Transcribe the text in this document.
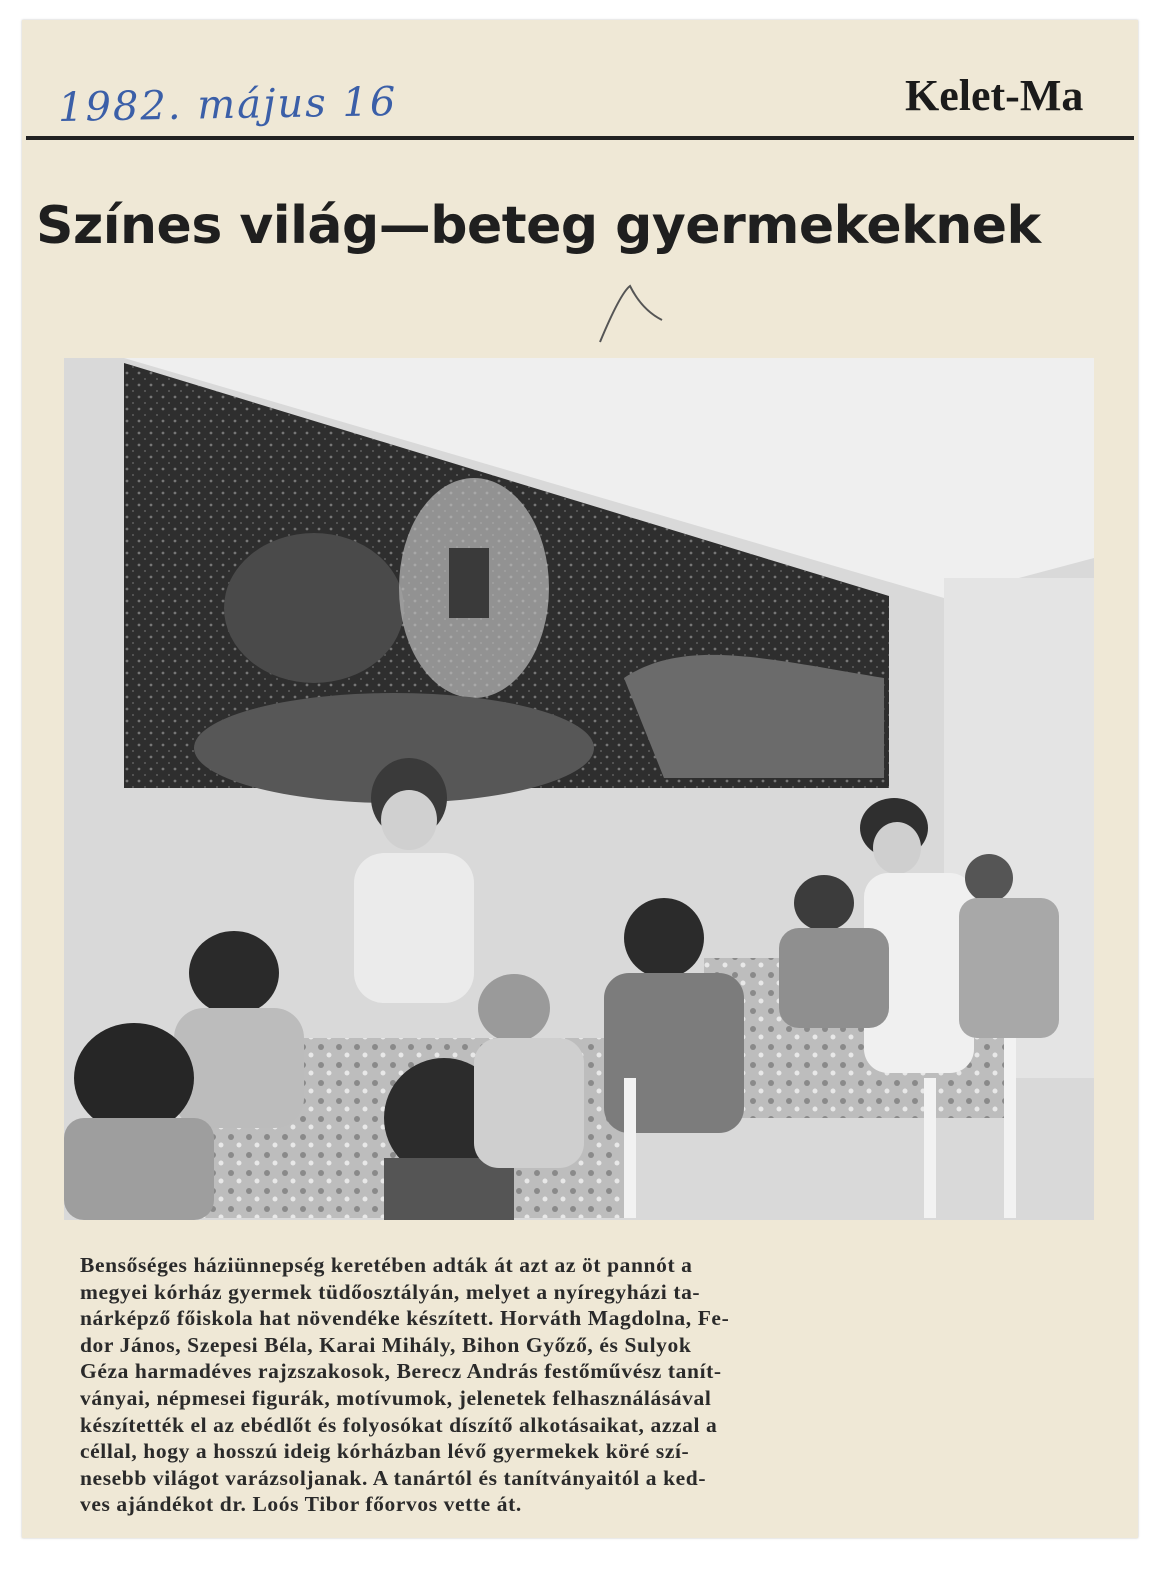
1982. május 16	Kelet-Ma
Színes világ—beteg gyermekeknek
Bensőséges háziünnepség keretében adták át azt az öt pannót a
megyei kórház gyermek tüdőosztályán, melyet a nyíregyházi ta-
nárképző főiskola hat növendéke készített. Horváth Magdolna, Fe-
dor János, Szepesi Béla, Karai Mihály, Bihon Győző, és Sulyok
Géza harmadéves rajzszakosok, Berecz András festőművész tanít-
ványai, népmesei figurák, motívumok, jelenetek felhasználásával
készítették el az ebédlőt és folyosókat díszítő alkotásaikat, azzal a
céllal, hogy a hosszú ideig kórházban lévő gyermekek köré szí-
nesebb világot varázsoljanak. A tanártól és tanítványaitól a ked-
ves ajándékot dr. Loós Tibor főorvos vette át.
